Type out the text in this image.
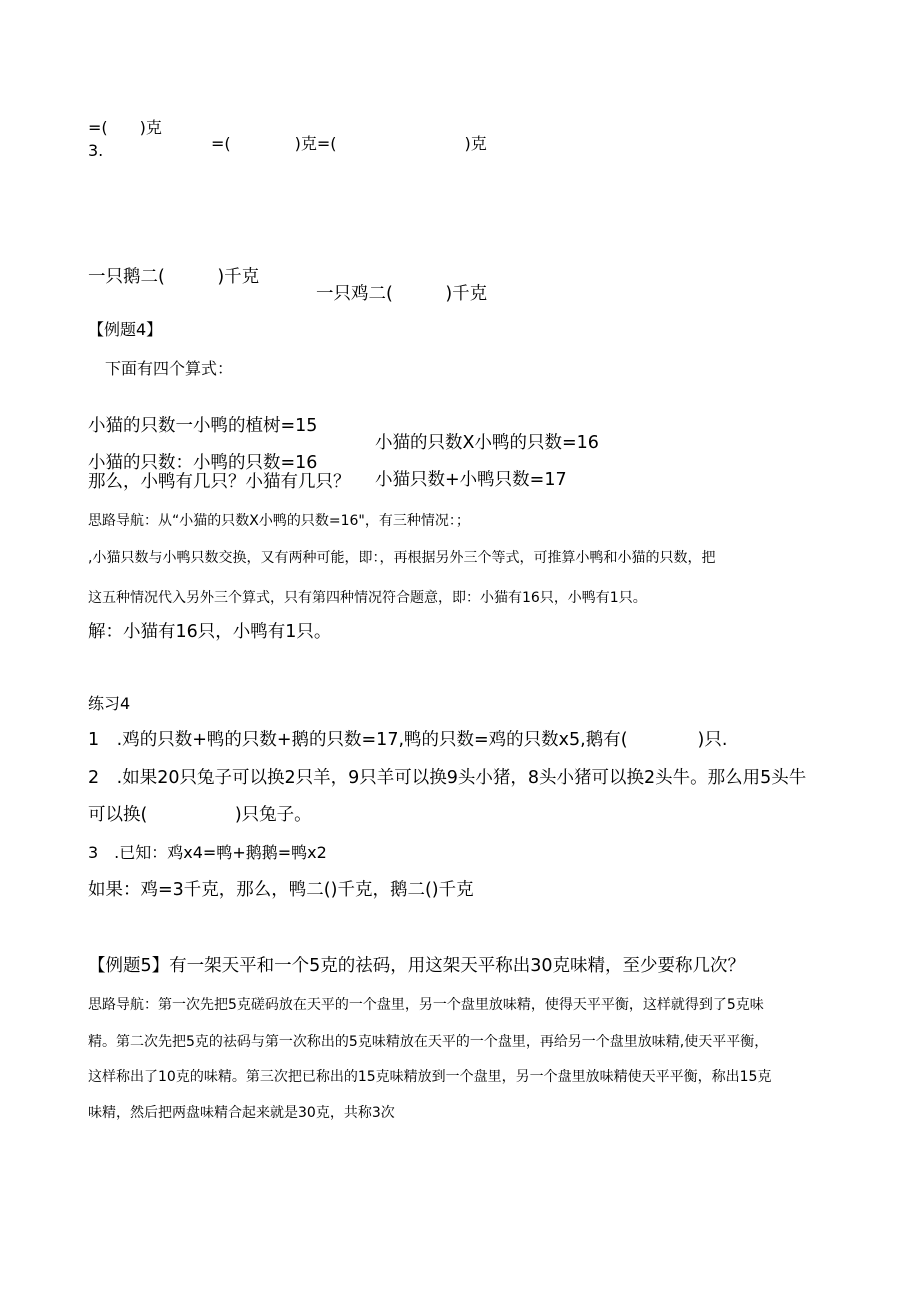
=(　　)克

=(　　　　)克=(　　　　　　　　)克

3.

一只鹅二(　　　)千克

一只鸡二(　　　)千克

【例题4】
下面有四个算式：

小猫的只数一小鸭的植树=15

小猫的只数X小鸭的只数=16

小猫的只数：小鸭的只数=16

小猫只数+小鸭只数=17

那么，小鸭有几只？小猫有几只？
思路导航：从“小猫的只数X小鸭的只数=16"，有三种情况：；
,小猫只数与小鸭只数交换，又有两种可能，即：，再根据另外三个等式，可推算小鸭和小猫的只数，把
这五种情况代入另外三个算式，只有第四种情况符合题意，即：小猫有16只，小鸭有1只。
解：小猫有16只，小鸭有1只。
练习4
1　.鸡的只数+鸭的只数+鹅的只数=17,鸭的只数=鸡的只数x5,鹅有(　　　　)只.
2　.如果20只兔子可以换2只羊，9只羊可以换9头小猪，8头小猪可以换2头牛。那么用5头牛
可以换(　　　　　)只兔子。
3　.已知：鸡x4=鸭+鹅鹅=鸭x2
如果：鸡=3千克，那么，鸭二()千克，鹅二()千克
【例题5】有一架天平和一个5克的祛码，用这架天平称出30克味精，至少要称几次？
思路导航：第一次先把5克磋码放在天平的一个盘里，另一个盘里放味精，使得天平平衡，这样就得到了5克味
精。第二次先把5克的祛码与第一次称出的5克味精放在天平的一个盘里，再给另一个盘里放味精,使天平平衡，
这样称出了10克的味精。第三次把已称出的15克味精放到一个盘里，另一个盘里放味精使天平平衡，称出15克
味精，然后把两盘味精合起来就是30克，共称3次
